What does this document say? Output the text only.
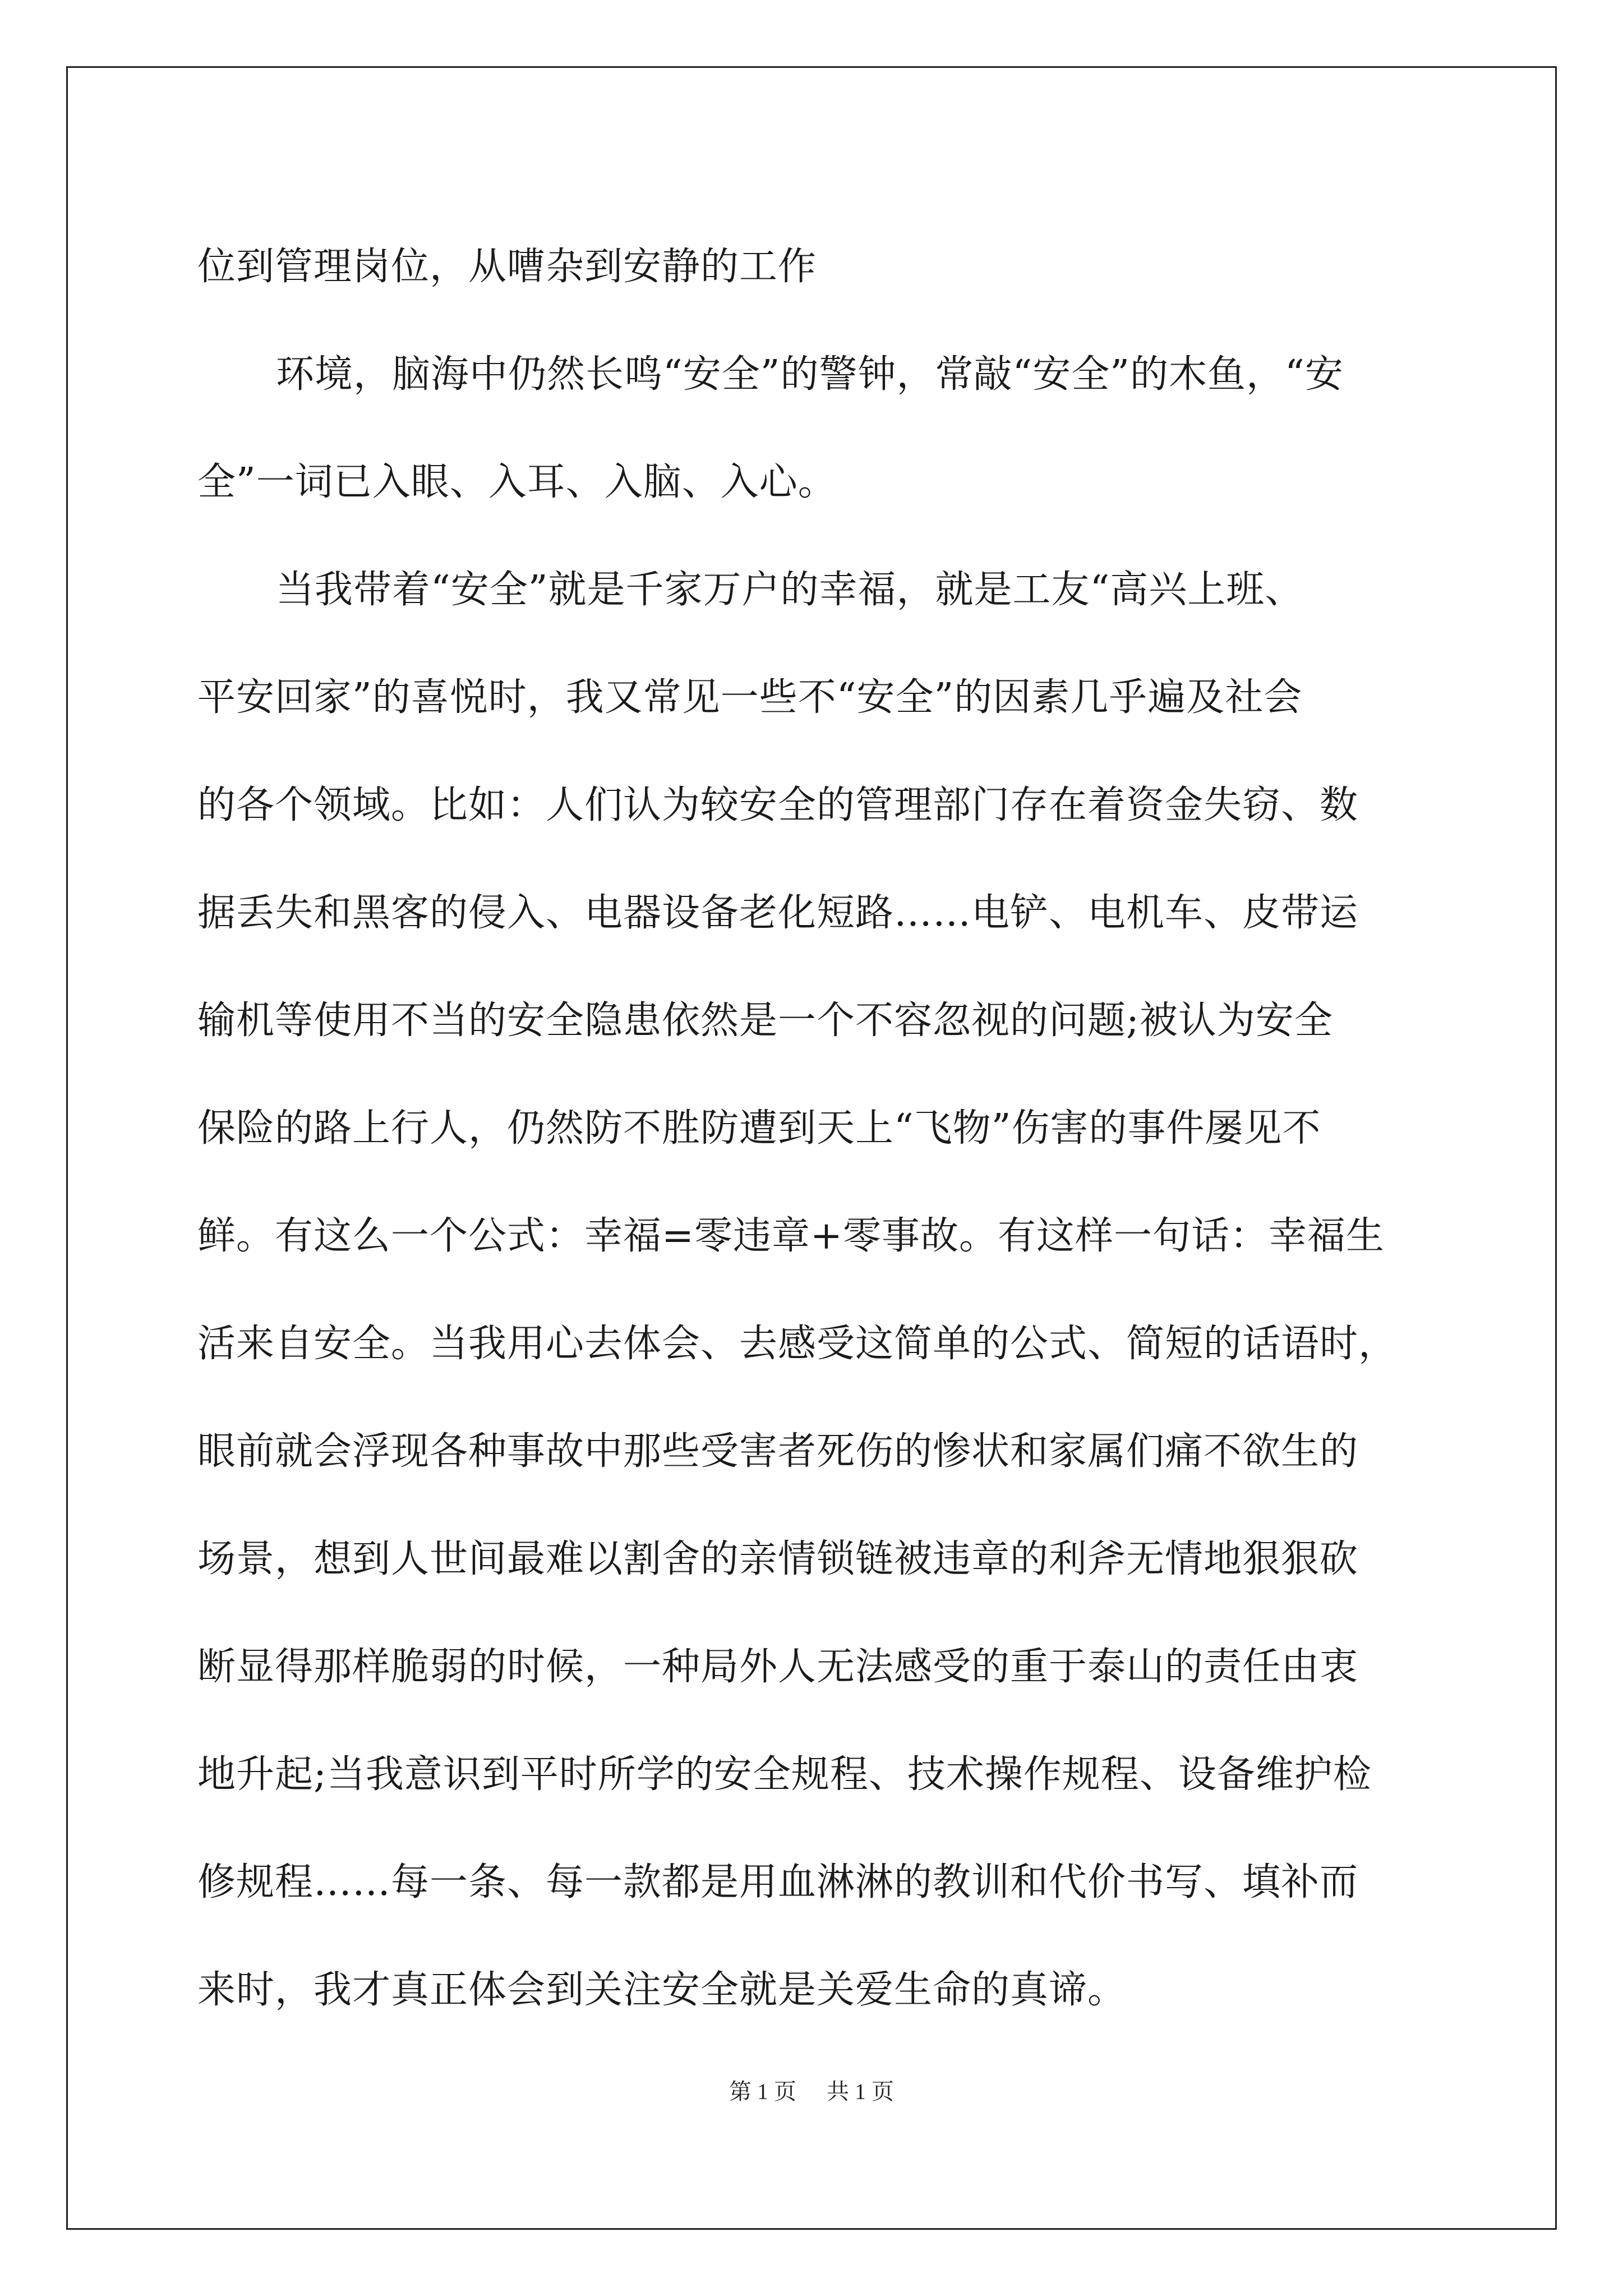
位到管理岗位，从嘈杂到安静的工作
环境，脑海中仍然长鸣“安全”的警钟，常敲“安全”的木鱼，“安
全”一词已入眼、入耳、入脑、入心。
当我带着“安全”就是千家万户的幸福，就是工友“高兴上班、
平安回家”的喜悦时，我又常见一些不“安全”的因素几乎遍及社会
的各个领域。比如：人们认为较安全的管理部门存在着资金失窃、数
据丢失和黑客的侵入、电器设备老化短路……电铲、电机车、皮带运
输机等使用不当的安全隐患依然是一个不容忽视的问题;被认为安全
保险的路上行人，仍然防不胜防遭到天上“飞物”伤害的事件屡见不
鲜。有这么一个公式：幸福=零违章+零事故。有这样一句话：幸福生
活来自安全。当我用心去体会、去感受这简单的公式、简短的话语时，
眼前就会浮现各种事故中那些受害者死伤的惨状和家属们痛不欲生的
场景，想到人世间最难以割舍的亲情锁链被违章的利斧无情地狠狠砍
断显得那样脆弱的时候，一种局外人无法感受的重于泰山的责任由衷
地升起;当我意识到平时所学的安全规程、技术操作规程、设备维护检
修规程……每一条、每一款都是用血淋淋的教训和代价书写、填补而
来时，我才真正体会到关注安全就是关爱生命的真谛。
第 1 页 共 1 页
